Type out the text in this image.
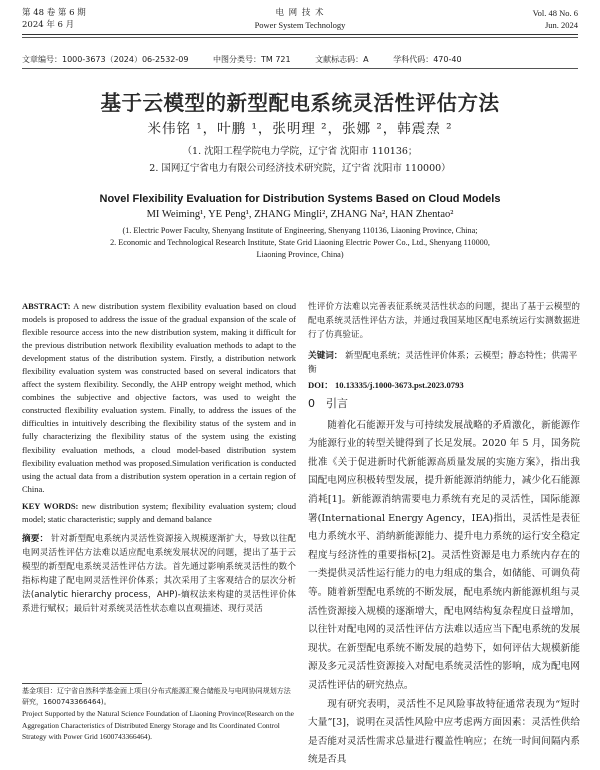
第 48 卷 第 6 期
2024 年 6 月
电 网 技 术
Power System Technology
Vol. 48 No. 6
Jun. 2024
文章编号：1000-3673（2024）06-2532-09	中图分类号：TM 721	文献标志码：A	学科代码：470-40
基于云模型的新型配电系统灵活性评估方法
米伟铭 ¹，叶鹏 ¹，张明理 ²，张娜 ²，韩震焘 ²
（1. 沈阳工程学院电力学院，辽宁省 沈阳市 110136；
2. 国网辽宁省电力有限公司经济技术研究院，辽宁省 沈阳市 110000）
Novel Flexibility Evaluation for Distribution Systems Based on Cloud Models
MI Weiming¹, YE Peng¹, ZHANG Mingli², ZHANG Na², HAN Zhentao²
(1. Electric Power Faculty, Shenyang Institute of Engineering, Shenyang 110136, Liaoning Province, China;
2. Economic and Technological Research Institute, State Grid Liaoning Electric Power Co., Ltd., Shenyang 110000,
Liaoning Province, China)

ABSTRACT: A new distribution system flexibility evaluation based on cloud models is proposed to address the issue of the gradual expansion of the scale of flexible resource access into the new distribution system, making it difficult for the previous distribution network flexibility evaluation methods to adapt to the development status of the distribution system. Firstly, a distribution network flexibility evaluation system was constructed based on several indicators that affect the system flexibility. Secondly, the AHP entropy weight method, which combines the subjective and objective factors, was used to weight the constructed flexibility evaluation system. Finally, to address the issues of the difficulties in intuitively describing the flexibility status of the system and in fully characterizing the flexibility status of the system using the existing flexibility evaluation methods, a cloud model-based distribution system flexibility evaluation method was proposed.Simulation verification is conducted using the actual data from a distribution system operation in a certain region of China.

KEY WORDS: new distribution system; flexibility evaluation system; cloud model; static characteristic; supply and demand balance

摘要： 针对新型配电系统内灵活性资源接入规模逐渐扩大，导致以往配电网灵活性评估方法难以适应配电系统发展状况的问题，提出了基于云模型的新型配电系统灵活性评估方法。首先通过影响系统灵活性的数个指标构建了配电网灵活性评价体系；其次采用了主客观结合的层次分析法(analytic hierarchy process，AHP)-熵权法来构建的灵活性评价体系进行赋权；最后针对系统灵活性状态难以直观描述、现行灵活

基金项目：辽宁省自然科学基金面上项目(分布式能源汇聚合储能及与电网协同规划方法研究，1600743366464)。
Project Supported by the Natural Science Foundation of Liaoning Province(Research on the Aggregation Characteristics of Distributed Energy Storage and Its Coordinated Control Strategy with Power Grid 1600743366464).

性评价方法难以完善表征系统灵活性状态的问题，提出了基于云模型的配电系统灵活性评估方法，并通过我国某地区配电系统运行实测数据进行了仿真验证。

关键词： 新型配电系统；灵活性评价体系；云模型；静态特性；供需平衡

DOI： 10.13335/j.1000-3673.pst.2023.0793

0　引言

随着化石能源开发与可持续发展战略的矛盾激化，新能源作为能源行业的转型关键得到了长足发展。2020 年 5 月，国务院批准《关于促进新时代新能源高质量发展的实施方案》，指出我国配电网应积极转型发展，提升新能源消纳能力，减少化石能源消耗[1]。新能源消纳需要电力系统有充足的灵活性，国际能源署(International Energy Agency，IEA)指出，灵活性是表征电力系统水平、消纳新能源能力、提升电力系统的运行安全稳定程度与经济性的重要指标[2]。灵活性资源是电力系统内存在的一类提供灵活性运行能力的电力组成的集合，如储能、可调负荷等。随着新型配电系统的不断发展，配电系统内新能源机组与灵活性资源接入规模的逐渐增大，配电网结构复杂程度日益增加，以往针对配电网的灵活性评估方法难以适应当下配电系统的发展现状。在新型配电系统不断发展的趋势下，如何评估大规模新能源及多元灵活性资源接入对配电系统灵活性的影响，成为配电网灵活性评估的研究热点。

现有研究表明，灵活性不足风险事故特征通常表现为“短时大量”[3]，说明在灵活性风险中应考虑两方面因素：灵活性供给是否能对灵活性需求总量进行覆盖性响应；在统一时间间隔内系统是否具
